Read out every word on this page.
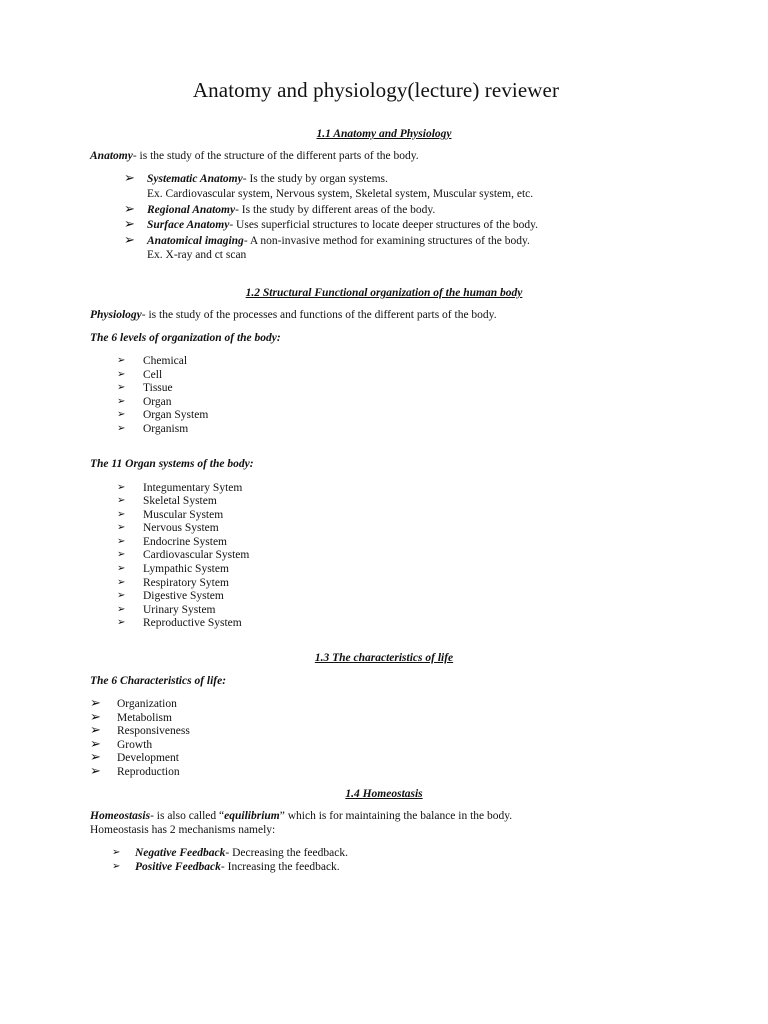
Anatomy and physiology(lecture) reviewer
1.1 Anatomy and Physiology
Anatomy- is the study of the structure of the different parts of the body.
➢ Systematic Anatomy- Is the study by organ systems.
Ex. Cardiovascular system, Nervous system, Skeletal system, Muscular system, etc.
➢ Regional Anatomy- Is the study by different areas of the body.
➢ Surface Anatomy- Uses superficial structures to locate deeper structures of the body.
➢ Anatomical imaging- A non-invasive method for examining structures of the body.
Ex. X-ray and ct scan
1.2 Structural Functional organization of the human body
Physiology- is the study of the processes and functions of the different parts of the body.
The 6 levels of organization of the body:
➢ Chemical
➢ Cell
➢ Tissue
➢ Organ
➢ Organ System
➢ Organism
The 11 Organ systems of the body:
➢ Integumentary Sytem
➢ Skeletal System
➢ Muscular System
➢ Nervous System
➢ Endocrine System
➢ Cardiovascular System
➢ Lympathic System
➢ Respiratory Sytem
➢ Digestive System
➢ Urinary System
➢ Reproductive System
1.3 The characteristics of life
The 6 Characteristics of life:
➢ Organization
➢ Metabolism
➢ Responsiveness
➢ Growth
➢ Development
➢ Reproduction
1.4 Homeostasis
Homeostasis- is also called “equilibrium” which is for maintaining the balance in the body.
Homeostasis has 2 mechanisms namely:
➢ Negative Feedback- Decreasing the feedback.
➢ Positive Feedback- Increasing the feedback.
